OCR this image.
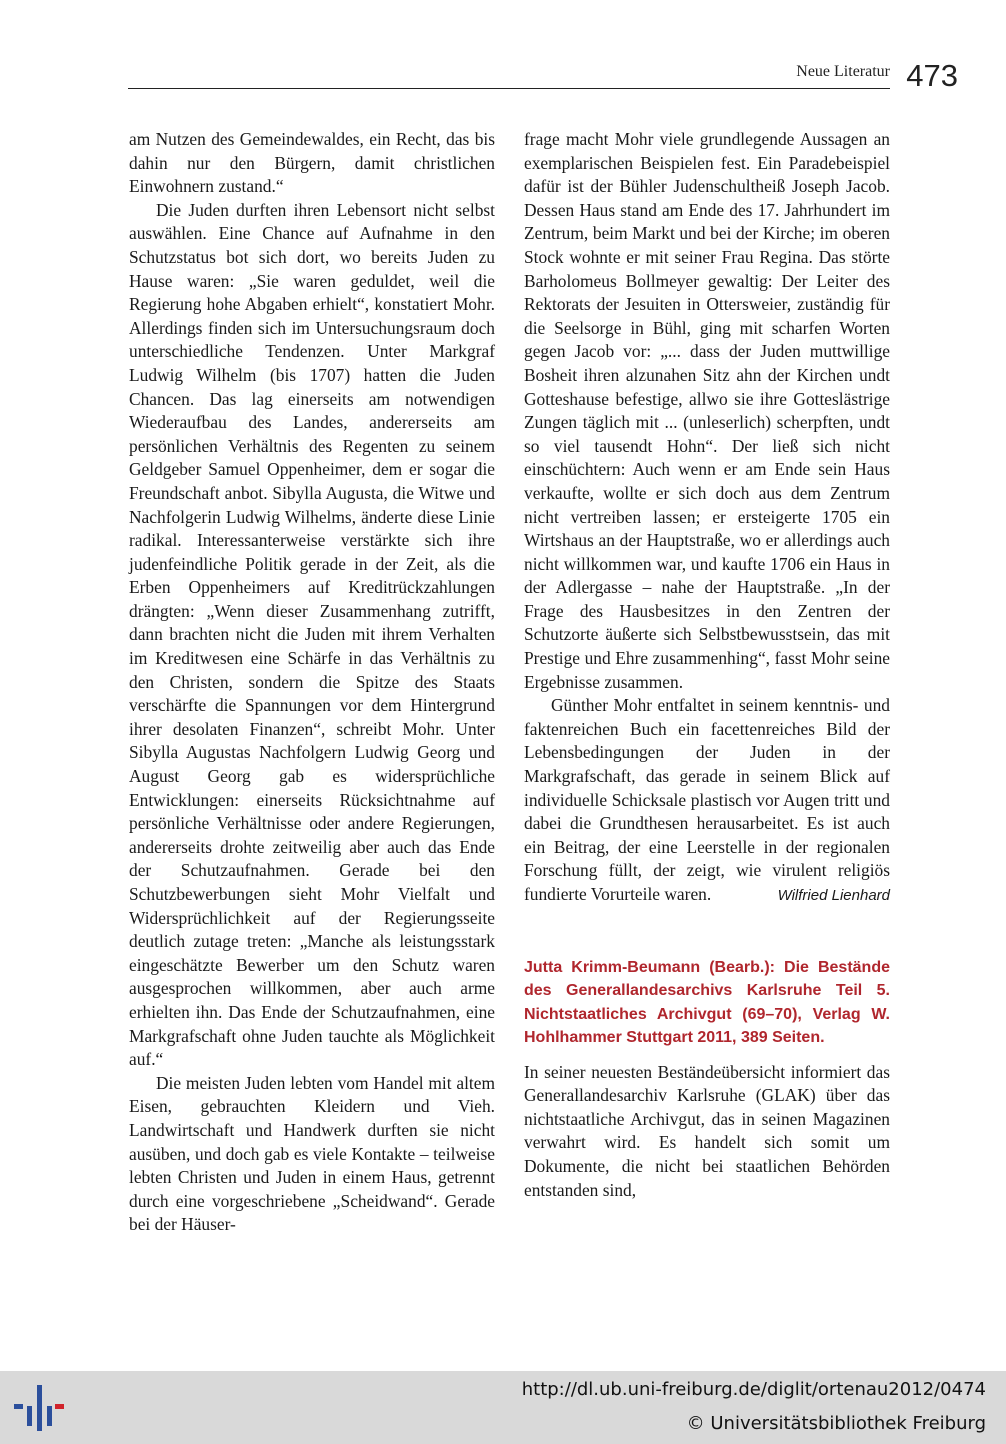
Neue Literatur 473

am Nutzen des Gemeindewaldes, ein Recht, das bis dahin nur den Bürgern, damit christlichen Einwohnern zustand.“

Die Juden durften ihren Lebensort nicht selbst auswählen. Eine Chance auf Aufnahme in den Schutzstatus bot sich dort, wo bereits Juden zu Hause waren: „Sie waren geduldet, weil die Regierung hohe Abgaben erhielt“, konstatiert Mohr. Allerdings finden sich im Untersuchungsraum doch unterschiedliche Tendenzen. Unter Markgraf Ludwig Wilhelm (bis 1707) hatten die Juden Chancen. Das lag einerseits am notwendigen Wiederaufbau des Landes, andererseits am persönlichen Verhältnis des Regenten zu seinem Geldgeber Samuel Oppenheimer, dem er sogar die Freundschaft anbot. Sibylla Augusta, die Witwe und Nachfolgerin Ludwig Wilhelms, änderte diese Linie radikal. Interessanterweise verstärkte sich ihre judenfeindliche Politik gerade in der Zeit, als die Erben Oppenheimers auf Kreditrückzahlungen drängten: „Wenn dieser Zusammenhang zutrifft, dann brachten nicht die Juden mit ihrem Verhalten im Kreditwesen eine Schärfe in das Verhältnis zu den Christen, sondern die Spitze des Staats verschärfte die Spannungen vor dem Hintergrund ihrer desolaten Finanzen“, schreibt Mohr. Unter Sibylla Augustas Nachfolgern Ludwig Georg und August Georg gab es widersprüchliche Entwicklungen: einerseits Rücksichtnahme auf persönliche Verhältnisse oder andere Regierungen, andererseits drohte zeitweilig aber auch das Ende der Schutzaufnahmen. Gerade bei den Schutzbewerbungen sieht Mohr Vielfalt und Widersprüchlichkeit auf der Regierungsseite deutlich zutage treten: „Manche als leistungsstark eingeschätzte Bewerber um den Schutz waren ausgesprochen willkommen, aber auch arme erhielten ihn. Das Ende der Schutzaufnahmen, eine Markgrafschaft ohne Juden tauchte als Möglichkeit auf.“

Die meisten Juden lebten vom Handel mit altem Eisen, gebrauchten Kleidern und Vieh. Landwirtschaft und Handwerk durften sie nicht ausüben, und doch gab es viele Kontakte – teilweise lebten Christen und Juden in einem Haus, getrennt durch eine vorgeschriebene „Scheidwand“. Gerade bei der Häuser-

frage macht Mohr viele grundlegende Aussagen an exemplarischen Beispielen fest. Ein Paradebeispiel dafür ist der Bühler Judenschultheiß Joseph Jacob. Dessen Haus stand am Ende des 17. Jahrhundert im Zentrum, beim Markt und bei der Kirche; im oberen Stock wohnte er mit seiner Frau Regina. Das störte Barholomeus Bollmeyer gewaltig: Der Leiter des Rektorats der Jesuiten in Ottersweier, zuständig für die Seelsorge in Bühl, ging mit scharfen Worten gegen Jacob vor: „... dass der Juden muttwillige Bosheit ihren alzunahen Sitz ahn der Kirchen undt Gotteshause befestige, allwo sie ihre Gotteslästrige Zungen täglich mit ... (unleserlich) scherpften, undt so viel tausendt Hohn“. Der ließ sich nicht einschüchtern: Auch wenn er am Ende sein Haus verkaufte, wollte er sich doch aus dem Zentrum nicht vertreiben lassen; er ersteigerte 1705 ein Wirtshaus an der Hauptstraße, wo er allerdings auch nicht willkommen war, und kaufte 1706 ein Haus in der Adlergasse – nahe der Hauptstraße. „In der Frage des Hausbesitzes in den Zentren der Schutzorte äußerte sich Selbstbewusstsein, das mit Prestige und Ehre zusammenhing“, fasst Mohr seine Ergebnisse zusammen.

Günther Mohr entfaltet in seinem kenntnis- und faktenreichen Buch ein facettenreiches Bild der Lebensbedingungen der Juden in der Markgrafschaft, das gerade in seinem Blick auf individuelle Schicksale plastisch vor Augen tritt und dabei die Grundthesen herausarbeitet. Es ist auch ein Beitrag, der eine Leerstelle in der regionalen Forschung füllt, der zeigt, wie virulent religiös fundierte Vorurteile waren.	Wilfried Lienhard
Jutta Krimm-Beumann (Bearb.): Die Bestände des Generallandesarchivs Karlsruhe Teil 5. Nichtstaatliches Archivgut (69–70), Verlag W. Hohlhammer Stuttgart 2011, 389 Seiten.

In seiner neuesten Beständeübersicht informiert das Generallandesarchiv Karlsruhe (GLAK) über das nichtstaatliche Archivgut, das in seinen Magazinen verwahrt wird. Es handelt sich somit um Dokumente, die nicht bei staatlichen Behörden entstanden sind,

http://dl.ub.uni-freiburg.de/diglit/ortenau2012/0474
© Universitätsbibliothek Freiburg
